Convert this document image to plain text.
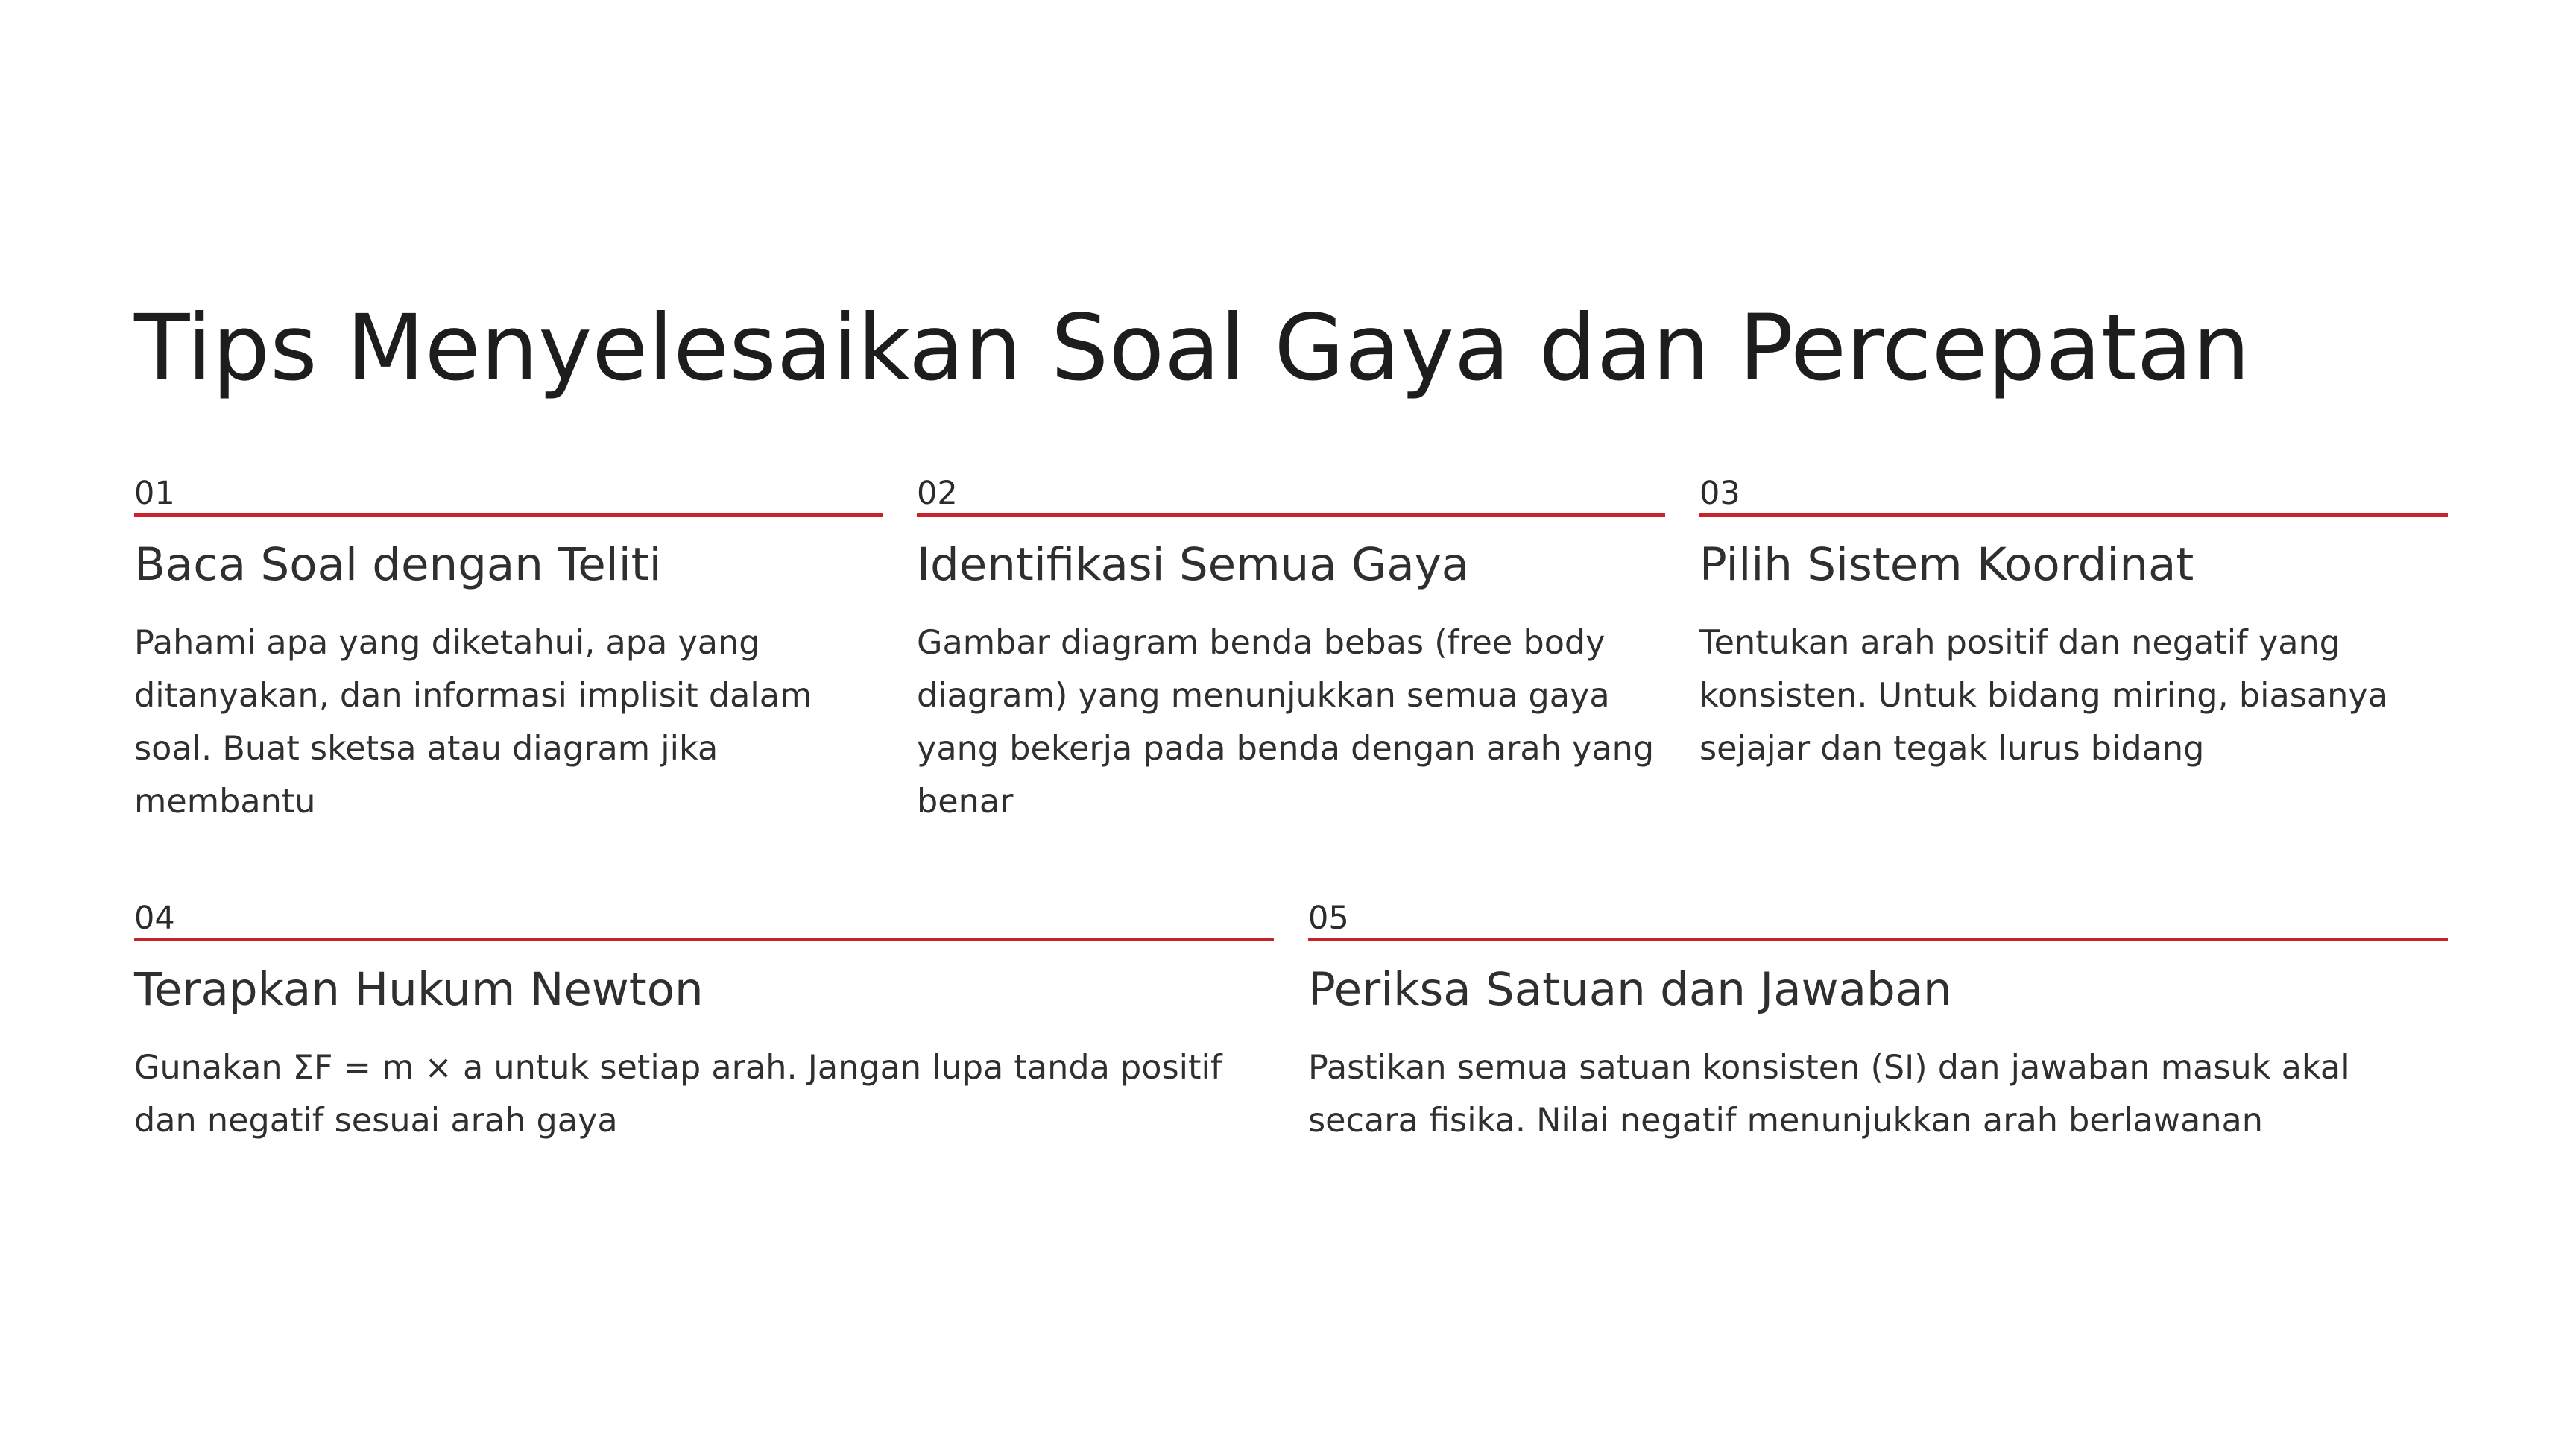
Tips Menyelesaikan Soal Gaya dan Percepatan
01
Baca Soal dengan Teliti

Pahami apa yang diketahui, apa yang ditanyakan, dan informasi implisit dalam soal. Buat sketsa atau diagram jika membantu

02
Identifikasi Semua Gaya

Gambar diagram benda bebas (free body diagram) yang menunjukkan semua gaya yang bekerja pada benda dengan arah yang benar

03
Pilih Sistem Koordinat

Tentukan arah positif dan negatif yang konsisten. Untuk bidang miring, biasanya sejajar dan tegak lurus bidang

04
Terapkan Hukum Newton

Gunakan ΣF = m × a untuk setiap arah. Jangan lupa tanda positif dan negatif sesuai arah gaya

05
Periksa Satuan dan Jawaban

Pastikan semua satuan konsisten (SI) dan jawaban masuk akal secara fisika. Nilai negatif menunjukkan arah berlawanan
